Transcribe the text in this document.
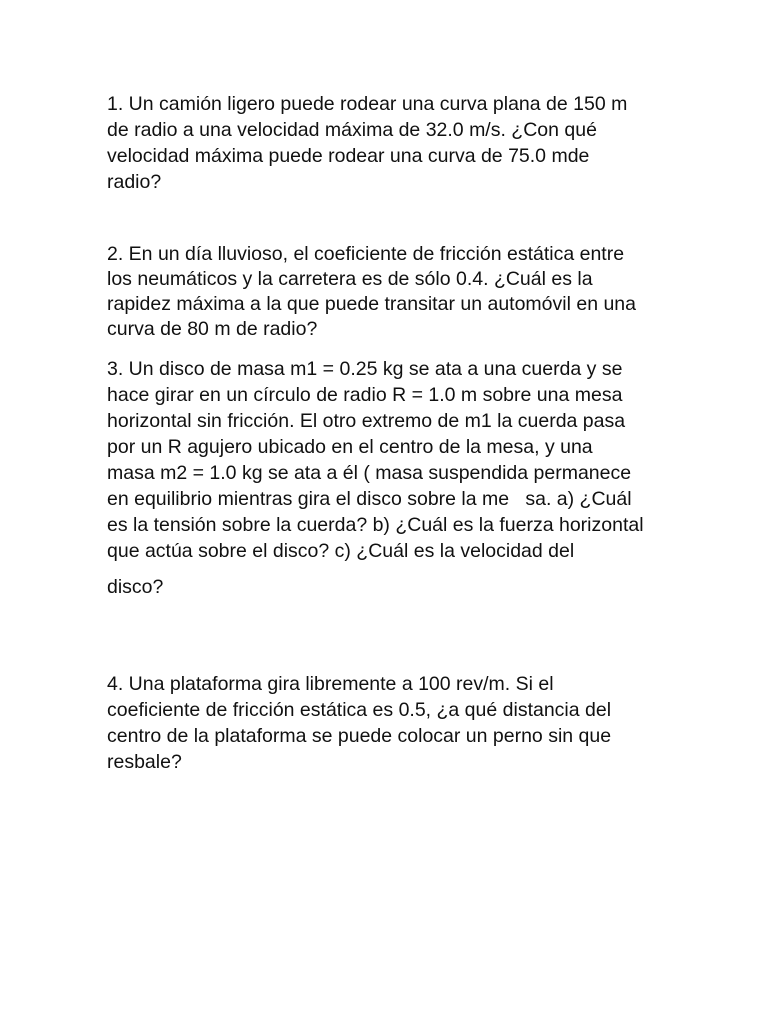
1. Un camión ligero puede rodear una curva plana de 150 m
de radio a una velocidad máxima de 32.0 m/s. ¿Con qué
velocidad máxima puede rodear una curva de 75.0 mde
radio?
2. En un día lluvioso, el coeficiente de fricción estática entre
los neumáticos y la carretera es de sólo 0.4. ¿Cuál es la
rapidez máxima a la que puede transitar un automóvil en una
curva de 80 m de radio?
3. Un disco de masa m1 = 0.25 kg se ata a una cuerda y se
hace girar en un círculo de radio R = 1.0 m sobre una mesa
horizontal sin fricción. El otro extremo de m1 la cuerda pasa
por un R agujero ubicado en el centro de la mesa, y una
masa m2 = 1.0 kg se ata a él ( masa suspendida permanece
en equilibrio mientras gira el disco sobre la me   sa. a) ¿Cuál
es la tensión sobre la cuerda? b) ¿Cuál es la fuerza horizontal
que actúa sobre el disco? c) ¿Cuál es la velocidad del
disco?
4. Una plataforma gira libremente a 100 rev/m. Si el
coeficiente de fricción estática es 0.5, ¿a qué distancia del
centro de la plataforma se puede colocar un perno sin que
resbale?
